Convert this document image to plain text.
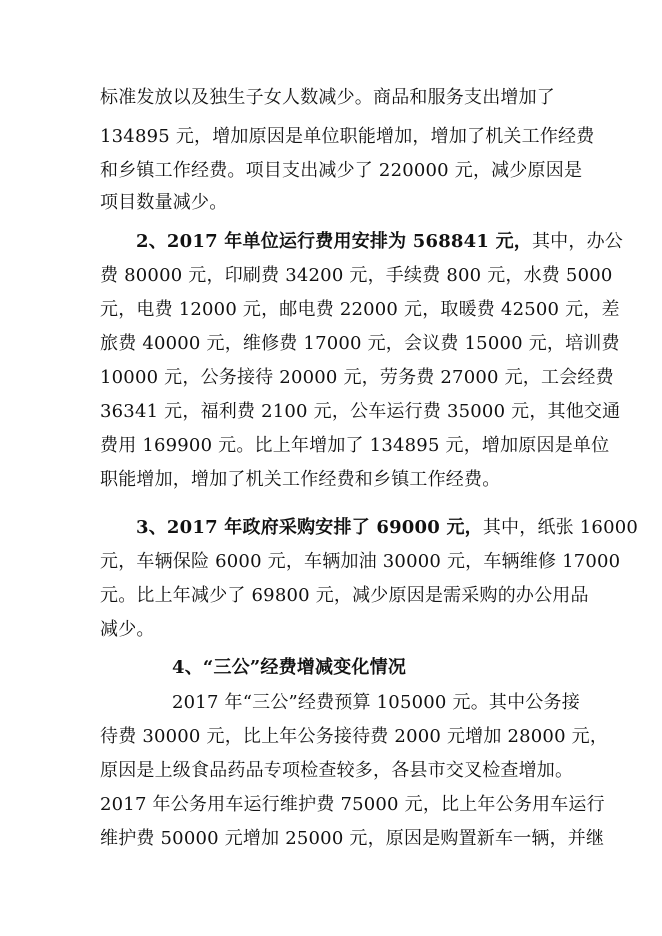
标准发放以及独生子女人数减少。商品和服务支出增加了
134895 元，增加原因是单位职能增加，增加了机关工作经费
和乡镇工作经费。项目支出减少了 220000 元，减少原因是
项目数量减少。
2、2017 年单位运行费用安排为 568841 元，其中，办公
费 80000 元，印刷费 34200 元，手续费 800 元，水费 5000
元，电费 12000 元，邮电费 22000 元，取暖费 42500 元，差
旅费 40000 元，维修费 17000 元，会议费 15000 元，培训费
10000 元，公务接待 20000 元，劳务费 27000 元，工会经费
36341 元，福利费 2100 元，公车运行费 35000 元，其他交通
费用 169900 元。比上年增加了 134895 元，增加原因是单位
职能增加，增加了机关工作经费和乡镇工作经费。
3、2017 年政府采购安排了 69000 元，其中，纸张 16000
元，车辆保险 6000 元，车辆加油 30000 元，车辆维修 17000
元。比上年减少了 69800 元，减少原因是需采购的办公用品
减少。
4、“三公”经费增减变化情况
2017 年“三公”经费预算 105000 元。其中公务接
待费 30000 元，比上年公务接待费 2000 元增加 28000 元，
原因是上级食品药品专项检查较多，各县市交叉检查增加。
2017 年公务用车运行维护费 75000 元，比上年公务用车运行
维护费 50000 元增加 25000 元，原因是购置新车一辆，并继
